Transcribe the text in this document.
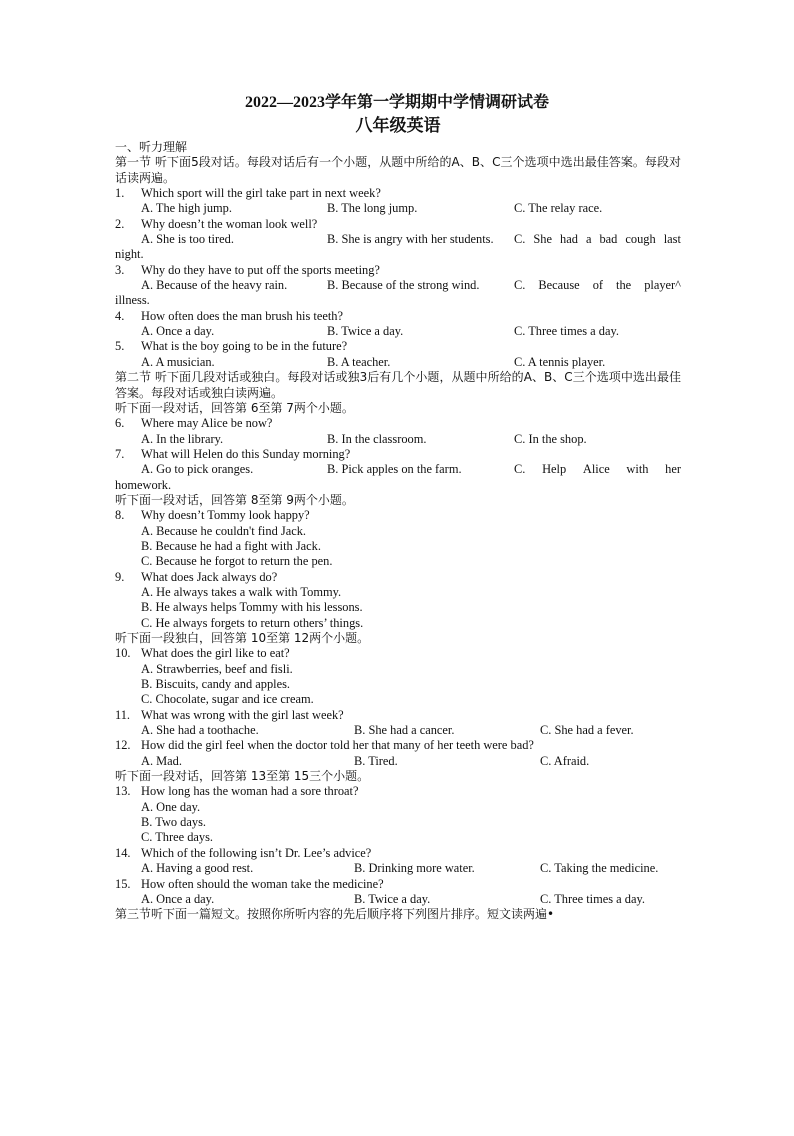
2022—2023学年第一学期期中学情调研试卷
八年级英语
一、听力理解
第一节 听下面5段对话。每段对话后有一个小题，从题中所给的A、B、C三个选项中选出最佳答案。每段对话读两遍。
1. Which sport will the girl take part in next week?
A. The high jump.	B. The long jump.	C. The relay race.
2. Why doesn’t the woman look well?
A. She is too tired.	B. She is angry with her students. C. She had a bad cough last
night.
3. Why do they have to put off the sports meeting?
A. Because of the heavy rain.	B. Because of the strong wind.	C. Because of the player^
illness.
4. How often does the man brush his teeth?
A. Once a day.	B. Twice a day.	C. Three times a day.
5. What is the boy going to be in the future?
A. A musician.	B. A teacher.	C. A tennis player.
第二节 听下面几段对话或独白。每段对话或独3后有几个小题，从题中所给的A、B、C三个选项中选出最佳答案。每段对话或独白读两遍。
听下面一段对话，回答第 6至第 7两个小题。
6. Where may Alice be now?
A. In the library.	B. In the classroom.	C. In the shop.
7. What will Helen do this Sunday morning?
A. Go to pick oranges.	B. Pick apples on the farm.	C. Help Alice with her
homework.
听下面一段对话，回答第 8至第 9两个小题。
8. Why doesn’t Tommy look happy?
A. Because he couldn't find Jack.
B. Because he had a fight with Jack.
C. Because he forgot to return the pen.
9. What does Jack always do?
A. He always takes a walk with Tommy.
B. He always helps Tommy with his lessons.
C. He always forgets to return others’ things.
听下面一段独白，回答第 10至第 12两个小题。
10. What does the girl like to eat?
A. Strawberries, beef and fisli.
B. Biscuits, candy and apples.
C. Chocolate, sugar and ice cream.
11. What was wrong with the girl last week?
A. She had a toothache.	B. She had a cancer.	C. She had a fever.
12. How did the girl feel when the doctor told her that many of her teeth were bad?
A. Mad.	B. Tired.	C. Afraid.
听下面一段对话，回答第 13至第 15三个小题。
13. How long has the woman had a sore throat?
A. One day.
B. Two days.
C. Three days.
14. Which of the following isn’t Dr. Lee’s advice?
A. Having a good rest.	B. Drinking more water.	C. Taking the medicine.
15. How often should the woman take the medicine?
A. Once a day.	B. Twice a day.	C. Three times a day.
第三节听下面一篇短文。按照你所听内容的先后顺序将下列图片排序。短文读两遍•
